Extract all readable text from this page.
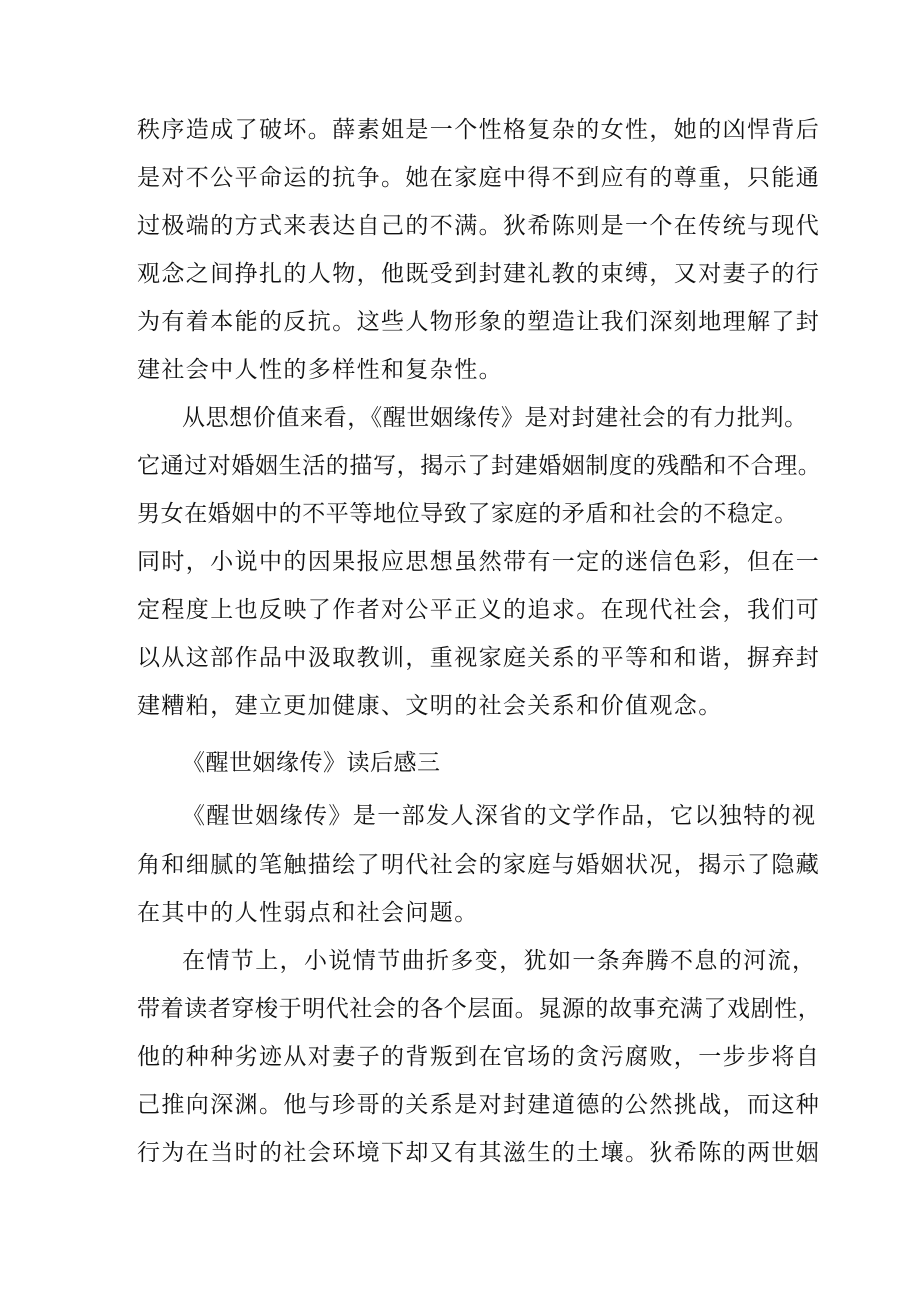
秩序造成了破坏。薛素姐是一个性格复杂的女性，她的凶悍背后
是对不公平命运的抗争。她在家庭中得不到应有的尊重，只能通
过极端的方式来表达自己的不满。狄希陈则是一个在传统与现代
观念之间挣扎的人物，他既受到封建礼教的束缚，又对妻子的行
为有着本能的反抗。这些人物形象的塑造让我们深刻地理解了封
建社会中人性的多样性和复杂性。
从思想价值来看，《醒世姻缘传》是对封建社会的有力批判。
它通过对婚姻生活的描写，揭示了封建婚姻制度的残酷和不合理。
男女在婚姻中的不平等地位导致了家庭的矛盾和社会的不稳定。
同时，小说中的因果报应思想虽然带有一定的迷信色彩，但在一
定程度上也反映了作者对公平正义的追求。在现代社会，我们可
以从这部作品中汲取教训，重视家庭关系的平等和和谐，摒弃封
建糟粕，建立更加健康、文明的社会关系和价值观念。
《醒世姻缘传》读后感三
《醒世姻缘传》是一部发人深省的文学作品，它以独特的视
角和细腻的笔触描绘了明代社会的家庭与婚姻状况，揭示了隐藏
在其中的人性弱点和社会问题。
在情节上，小说情节曲折多变，犹如一条奔腾不息的河流，
带着读者穿梭于明代社会的各个层面。晁源的故事充满了戏剧性，
他的种种劣迹从对妻子的背叛到在官场的贪污腐败，一步步将自
己推向深渊。他与珍哥的关系是对封建道德的公然挑战，而这种
行为在当时的社会环境下却又有其滋生的土壤。狄希陈的两世姻
